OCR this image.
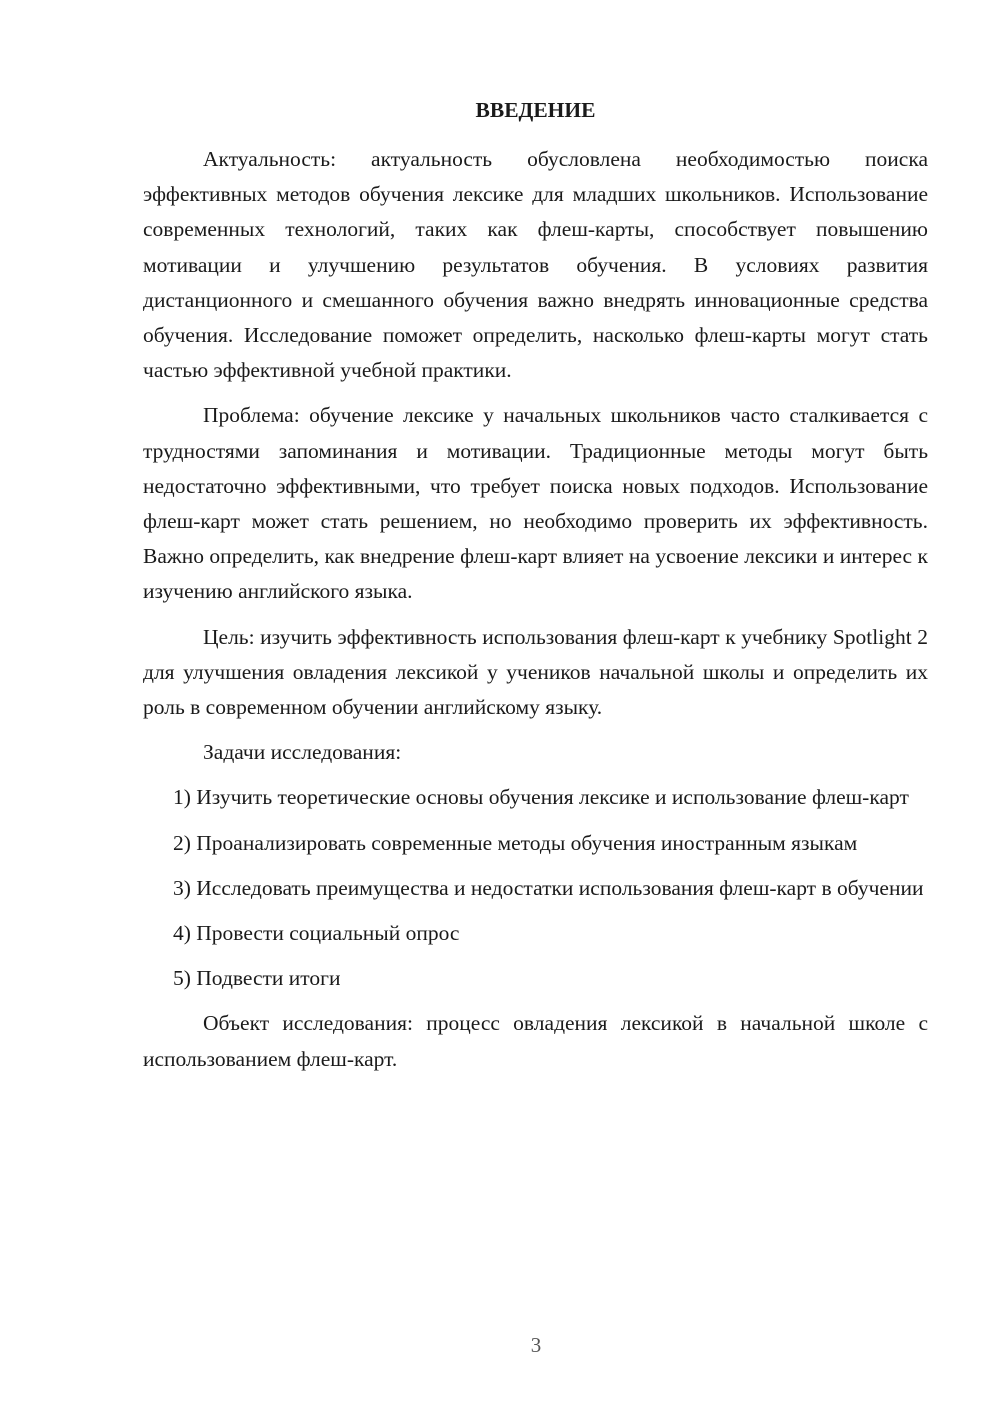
ВВЕДЕНИЕ

Актуальность: актуальность обусловлена необходимостью поиска эффективных методов обучения лексике для младших школьников. Использование современных технологий, таких как флеш-карты, способствует повышению мотивации и улучшению результатов обучения. В условиях развития дистанционного и смешанного обучения важно внедрять инновационные средства обучения. Исследование поможет определить, насколько флеш-карты могут стать частью эффективной учебной практики.

Проблема: обучение лексике у начальных школьников часто сталкивается с трудностями запоминания и мотивации. Традиционные методы могут быть недостаточно эффективными, что требует поиска новых подходов. Использование флеш-карт может стать решением, но необходимо проверить их эффективность. Важно определить, как внедрение флеш-карт влияет на усвоение лексики и интерес к изучению английского языка.

Цель: изучить эффективность использования флеш-карт к учебнику Spotlight 2 для улучшения овладения лексикой у учеников начальной школы и определить их роль в современном обучении английскому языку.

Задачи исследования:

1) Изучить теоретические основы обучения лексике и использование флеш-карт

2) Проанализировать современные методы обучения иностранным языкам

3) Исследовать преимущества и недостатки использования флеш-карт в обучении

4) Провести социальный опрос

5) Подвести итоги

Объект исследования: процесс овладения лексикой в начальной школе с использованием флеш-карт.

3
